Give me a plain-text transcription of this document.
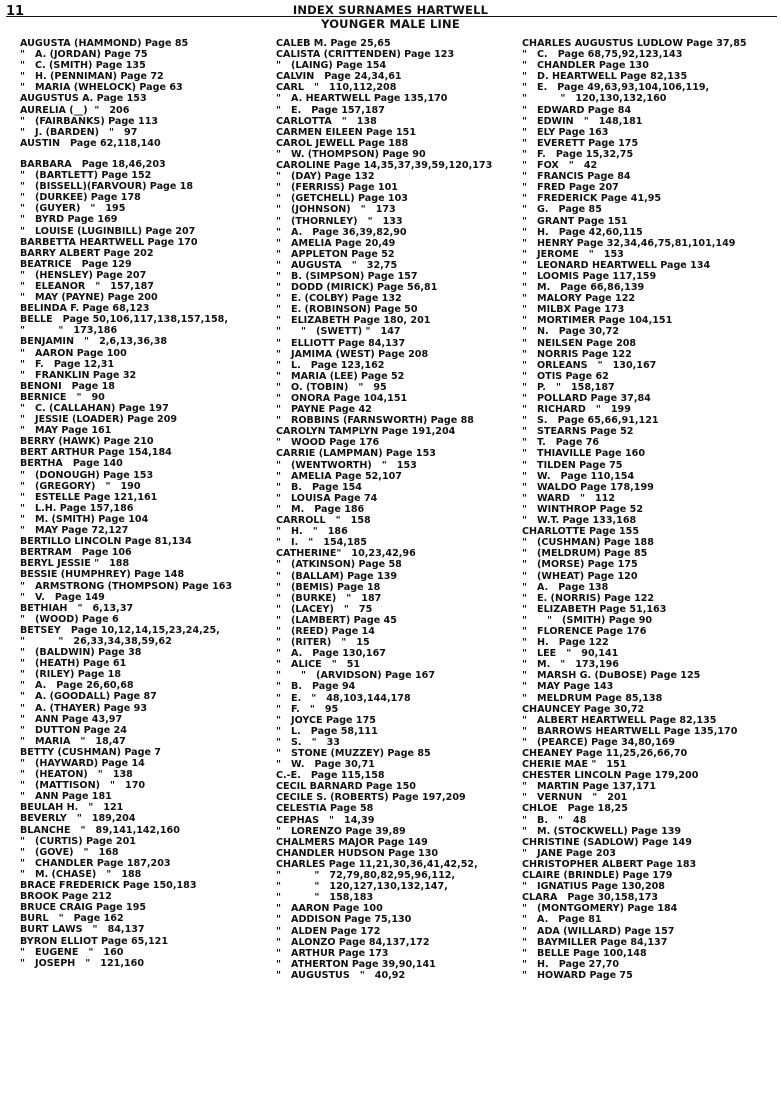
11	INDEX SURNAMES HARTWELL
YOUNGER MALE LINE
AUGUSTA (HAMMOND) Page 85
"   A. (JORDAN) Page 75
"   C. (SMITH) Page 135
"   H. (PENNIMAN) Page 72
"   MARIA (WHELOCK) Page 63
AUGUSTUS A. Page 153
AURELIA (__)  "   206
"   (FAIRBANKS) Page 113
"   J. (BARDEN)   "   97
AUSTIN   Page 62,118,140
BARBARA   Page 18,46,203
"   (BARTLETT) Page 152
"   (BISSELL)(FARVOUR) Page 18
"   (DURKEE) Page 178
"   (GUYER)   "   195
"   BYRD Page 169
"   LOUISE (LUGINBILL) Page 207
BARBETTA HEARTWELL Page 170
BARRY ALBERT Page 202
BEATRICE   Page 129
"   (HENSLEY) Page 207
"   ELEANOR   "   157,187
"   MAY (PAYNE) Page 200
BELINDA F. Page 68,123
BELLE   Page 50,106,117,138,157,158,
"          "   173,186
BENJAMIN   "   2,6,13,36,38
"   AARON Page 100
"   F.   Page 12,31
"   FRANKLIN Page 32
BENONI   Page 18
BERNICE   "   90
"   C. (CALLAHAN) Page 197
"   JESSIE (LOADER) Page 209
"   MAY Page 161
BERRY (HAWK) Page 210
BERT ARTHUR Page 154,184
BERTHA   Page 140
"   (DONOUGH) Page 153
"   (GREGORY)   "   190
"   ESTELLE Page 121,161
"   L.H. Page 157,186
"   M. (SMITH) Page 104
"   MAY Page 72,127
BERTILLO LINCOLN Page 81,134
BERTRAM   Page 106
BERYL JESSIE "   188
BESSIE (HUMPHREY) Page 148
"   ARMSTRONG (THOMPSON) Page 163
"   V.   Page 149
BETHIAH   "   6,13,37
"   (WOOD) Page 6
BETSEY   Page 10,12,14,15,23,24,25,
"          "   26,33,34,38,59,62
"   (BALDWIN) Page 38
"   (HEATH) Page 61
"   (RILEY) Page 18
"   A.   Page 26,60,68
"   A. (GOODALL) Page 87
"   A. (THAYER) Page 93
"   ANN Page 43,97
"   DUTTON Page 24
"   MARIA   "   18,47
BETTY (CUSHMAN) Page 7
"   (HAYWARD) Page 14
"   (HEATON)   "   138
"   (MATTISON)   "   170
"   ANN Page 181
BEULAH H.   "   121
BEVERLY   "   189,204
BLANCHE   "   89,141,142,160
"   (CURTIS) Page 201
"   (GOVE)   "   168
"   CHANDLER Page 187,203
"   M. (CHASE)   "   188
BRACE FREDERICK Page 150,183
BROOK Page 212
BRUCE CRAIG Page 195
BURL   "   Page 162
BURT LAWS   "   84,137
BYRON ELLIOT Page 65,121
"   EUGENE   "   160
"   JOSEPH   "   121,160
CALEB M. Page 25,65
CALISTA (CRITTENDEN) Page 123
"   (LAING) Page 154
CALVIN   Page 24,34,61
CARL   "   110,112,208
"   A. HEARTWELL Page 135,170
"   E.   Page 157,187
CARLOTTA   "   138
CARMEN EILEEN Page 151
CAROL JEWELL Page 188
"   W. (THOMPSON) Page 90
CAROLINE Page 14,35,37,39,59,120,173
"   (DAY) Page 132
"   (FERRISS) Page 101
"   (GETCHELL) Page 103
"   (JOHNSON)   "   173
"   (THORNLEY)   "   133
"   A.   Page 36,39,82,90
"   AMELIA Page 20,49
"   APPLETON Page 52
"   AUGUSTA   "   32,75
"   B. (SIMPSON) Page 157
"   DODD (MIRICK) Page 56,81
"   E. (COLBY) Page 132
"   E. (ROBINSON) Page 50
"   ELIZABETH Page 180, 201
"      "   (SWETT) "   147
"   ELLIOTT Page 84,137
"   JAMIMA (WEST) Page 208
"   L.   Page 123,162
"   MARIA (LEE) Page 52
"   O. (TOBIN)   "   95
"   ONORA Page 104,151
"   PAYNE Page 42
"   ROBBINS (FARNSWORTH) Page 88
CAROLYN TAMPLYN Page 191,204
"   WOOD Page 176
CARRIE (LAMPMAN) Page 153
"   (WENTWORTH)   "   153
"   AMELIA Page 52,107
"   B.   Page 154
"   LOUISA Page 74
"   M.   Page 186
CARROLL   "   158
"   H.   "   186
"   I.   "   154,185
CATHERINE"   10,23,42,96
"   (ATKINSON) Page 58
"   (BALLAM) Page 139
"   (BEMIS) Page 18
"   (BURKE)   "   187
"   (LACEY)   "   75
"   (LAMBERT) Page 45
"   (REED) Page 14
"   (RITER)   "   15
"   A.   Page 130,167
"   ALICE   "   51
"      "   (ARVIDSON) Page 167
"   B.   Page 94
"   E.   "   48,103,144,178
"   F.   "   95
"   JOYCE Page 175
"   L.   Page 58,111
"   S.   "   33
"   STONE (MUZZEY) Page 85
"   W.   Page 30,71
C.-E.   Page 115,158
CECIL BARNARD Page 150
CECILE S. (ROBERTS) Page 197,209
CELESTIA Page 58
CEPHAS   "   14,39
"   LORENZO Page 39,89
CHALMERS MAJOR Page 149
CHANDLER HUDSON Page 130
CHARLES Page 11,21,30,36,41,42,52,
"          "   72,79,80,82,95,96,112,
"          "   120,127,130,132,147,
"          "   158,183
"   AARON Page 100
"   ADDISON Page 75,130
"   ALDEN Page 172
"   ALONZO Page 84,137,172
"   ARTHUR Page 173
"   ATHERTON Page 39,90,141
"   AUGUSTUS   "   40,92
CHARLES AUGUSTUS LUDLOW Page 37,85
"   C.   Page 68,75,92,123,143
"   CHANDLER Page 130
"   D. HEARTWELL Page 82,135
"   E.   Page 49,63,93,104,106,119,
"          "   120,130,132,160
"   EDWARD Page 84
"   EDWIN   "   148,181
"   ELY Page 163
"   EVERETT Page 175
"   F.   Page 15,32,75
"   FOX   "   42
"   FRANCIS Page 84
"   FRED Page 207
"   FREDERICK Page 41,95
"   G.   Page 85
"   GRANT Page 151
"   H.   Page 42,60,115
"   HENRY Page 32,34,46,75,81,101,149
"   JEROME   "   153
"   LEONARD HEARTWELL Page 134
"   LOOMIS Page 117,159
"   M.   Page 66,86,139
"   MALORY Page 122
"   MILBX Page 173
"   MORTIMER Page 104,151
"   N.   Page 30,72
"   NEILSEN Page 208
"   NORRIS Page 122
"   ORLEANS   "   130,167
"   OTIS Page 62
"   P.   "   158,187
"   POLLARD Page 37,84
"   RICHARD   "   199
"   S.   Page 65,66,91,121
"   STEARNS Page 52
"   T.   Page 76
"   THIAVILLE Page 160
"   TILDEN Page 75
"   W.   Page 110,154
"   WALDO Page 178,199
"   WARD   "   112
"   WINTHROP Page 52
"   W.T. Page 133,168
CHARLOTTE Page 155
"   (CUSHMAN) Page 188
"   (MELDRUM) Page 85
"   (MORSE) Page 175
"   (WHEAT) Page 120
"   A.   Page 138
"   E. (NORRIS) Page 122
"   ELIZABETH Page 51,163
"      "   (SMITH) Page 90
"   FLORENCE Page 176
"   H.   Page 122
"   LEE   "   90,141
"   M.   "   173,196
"   MARSH G. (DuBOSE) Page 125
"   MAY Page 143
"   MELDRUM Page 85,138
CHAUNCEY Page 30,72
"   ALBERT HEARTWELL Page 82,135
"   BARROWS HEARTWELL Page 135,170
"   (PEARCE) Page 34,80,169
CHEANEY Page 11,25,26,66,70
CHERIE MAE "   151
CHESTER LINCOLN Page 179,200
"   MARTIN Page 137,171
"   VERNUN   "   201
CHLOE   Page 18,25
"   B.   "   48
"   M. (STOCKWELL) Page 139
CHRISTINE (SADLOW) Page 149
"   JANE Page 203
CHRISTOPHER ALBERT Page 183
CLAIRE (BRINDLE) Page 179
"   IGNATIUS Page 130,208
CLARA   Page 30,158,173
"   (MONTGOMERY) Page 184
"   A.   Page 81
"   ADA (WILLARD) Page 157
"   BAYMILLER Page 84,137
"   BELLE Page 100,148
"   H.   Page 27,70
"   HOWARD Page 75
